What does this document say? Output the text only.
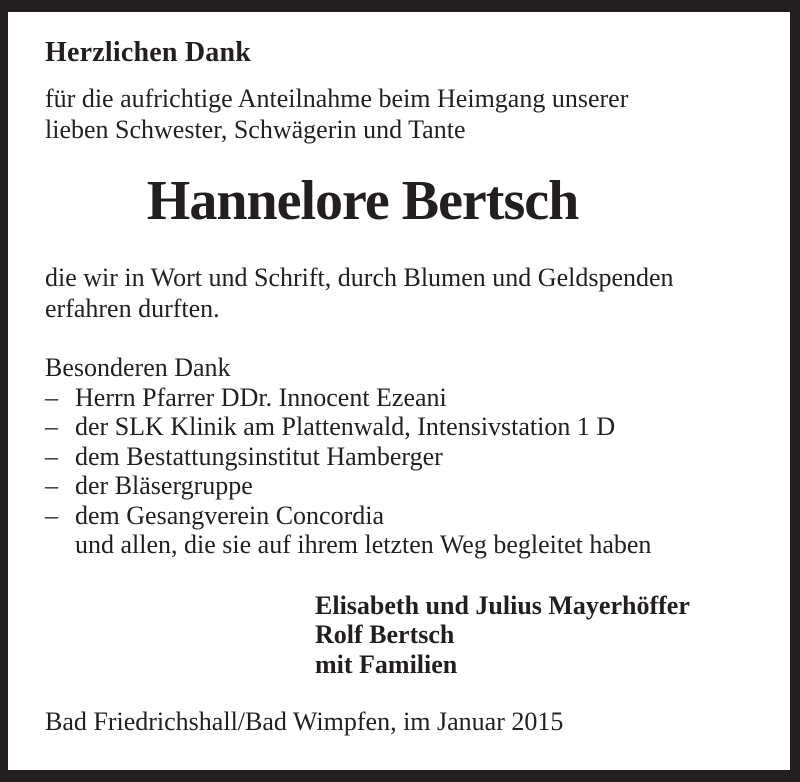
Herzlichen Dank

für die aufrichtige Anteilnahme beim Heimgang unserer
lieben Schwester, Schwägerin und Tante

Hannelore Bertsch

die wir in Wort und Schrift, durch Blumen und Geldspenden
erfahren durften.

Besonderen Dank

– Herrn Pfarrer DDr. Innocent Ezeani
– der SLK Klinik am Plattenwald, Intensivstation 1 D
– dem Bestattungsinstitut Hamberger
– der Bläsergruppe
– dem Gesangverein Concordia
und allen, die sie auf ihrem letzten Weg begleitet haben
Elisabeth und Julius Mayerhöffer
Rolf Bertsch
mit Familien

Bad Friedrichshall/Bad Wimpfen, im Januar 2015
